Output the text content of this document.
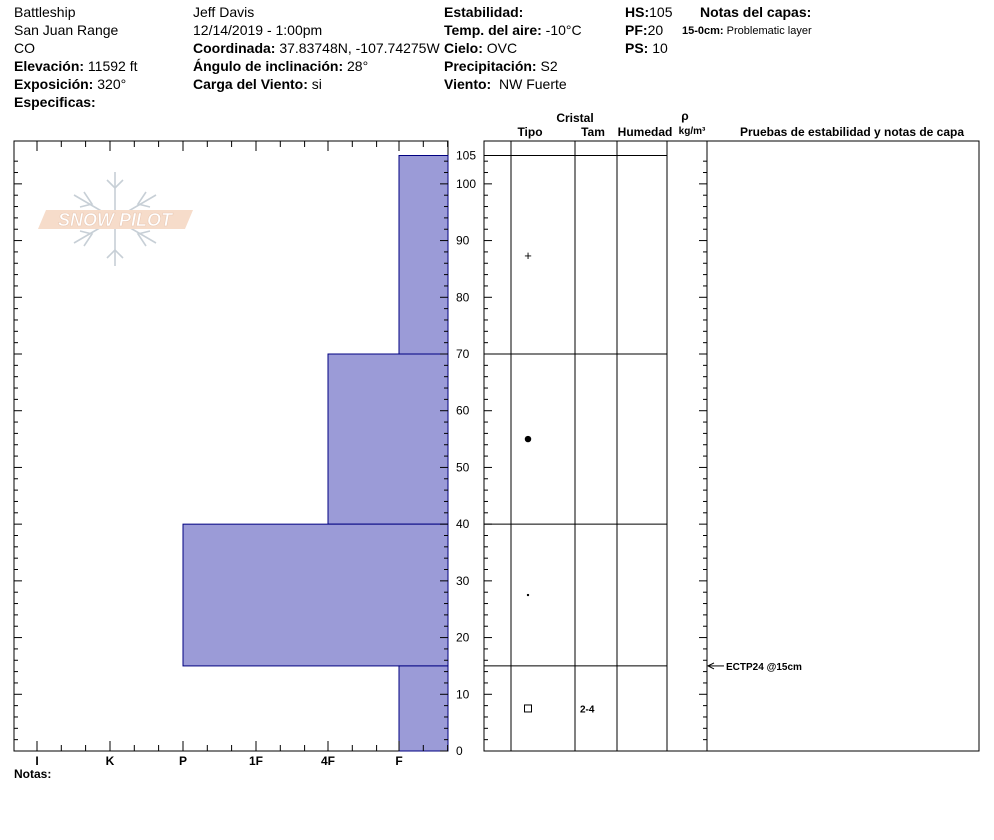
Battleship
San Juan Range
CO
Elevación: 11592 ft
Exposición: 320°
Especificas:
Jeff Davis
12/14/2019 - 1:00pm
Coordinada: 37.83748N, -107.74275W
Ángulo de inclinación: 28°
Carga del Viento: si
Estabilidad:
Temp. del aire: -10°C
Cielo: OVC
Precipitación: S2
Viento: NW Fuerte
HS:105
PF:20
PS: 10
Notas del capas:
15-0cm: Problematic layer
SNOW PILOT
I	K	P	1F	4F	F
0
10
20
30
40
50
60
70
80
90
100
105
Cristal
Tipo	Tam Humedad
ρ
kg/m³	Pruebas de estabilidad y notas de capa
+
2-4
ECTP24 @15cm
Notas:
